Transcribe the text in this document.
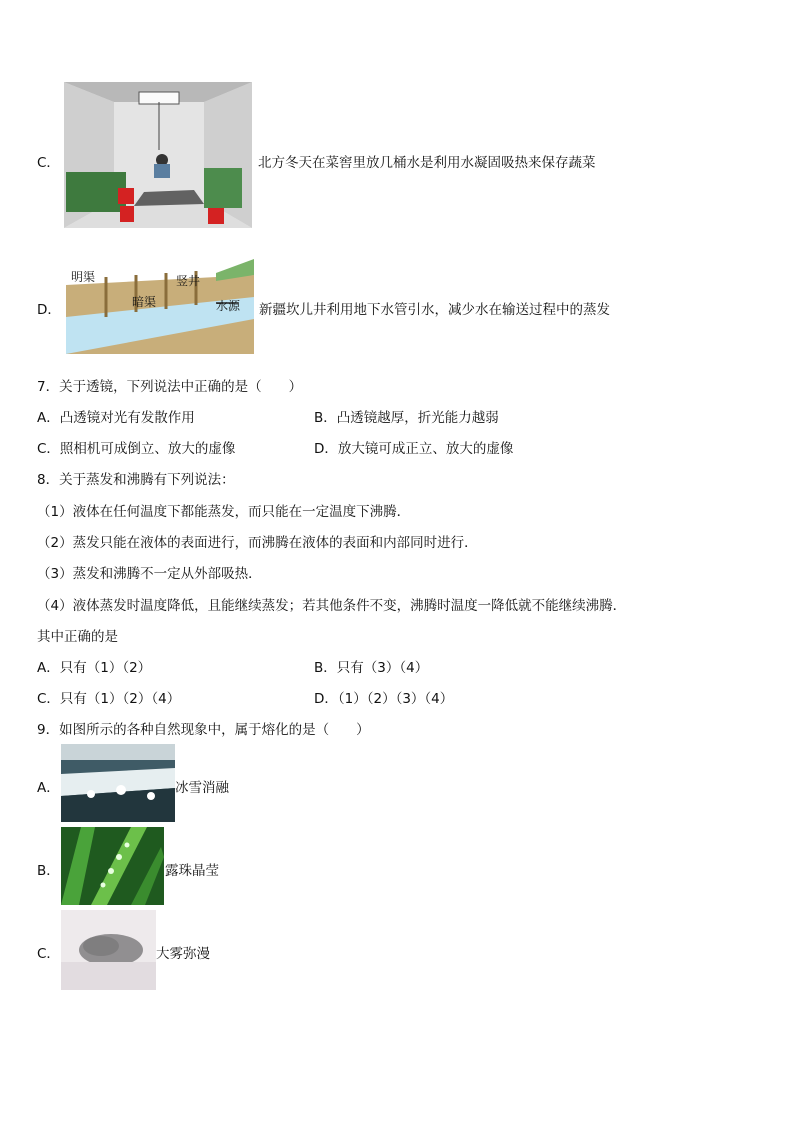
C．	北方冬天在菜窖里放几桶水是利用水凝固吸热来保存蔬菜
D．
明渠	竖井
暗渠	水源 新疆坎儿井利用地下水管引水，减少水在输送过程中的蒸发
7．关于透镜，下列说法中正确的是（　　）
A．凸透镜对光有发散作用	B．凸透镜越厚，折光能力越弱
C．照相机可成倒立、放大的虚像	D．放大镜可成正立、放大的虚像
8．关于蒸发和沸腾有下列说法：
（1）液体在任何温度下都能蒸发，而只能在一定温度下沸腾．
（2）蒸发只能在液体的表面进行，而沸腾在液体的表面和内部同时进行．
（3）蒸发和沸腾不一定从外部吸热．
（4）液体蒸发时温度降低，且能继续蒸发；若其他条件不变，沸腾时温度一降低就不能继续沸腾．
其中正确的是
A．只有（1）（2）	B．只有（3）（4）
C．只有（1）（2）（4）	D．（1）（2）（3）（4）
9．如图所示的各种自然现象中，属于熔化的是（　　）
A．	冰雪消融
B．	露珠晶莹
C．	大雾弥漫
